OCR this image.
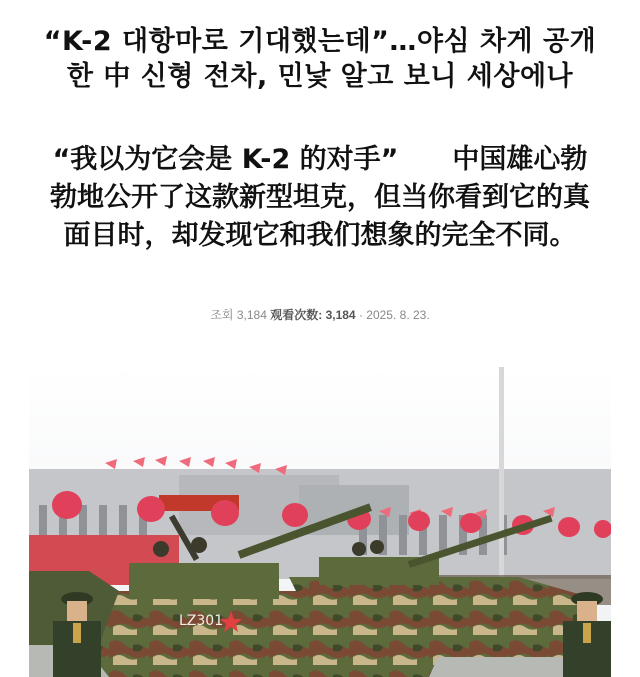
“K-2 대항마로 기대했는데”…야심 차게 공개한 中 신형 전차, 민낯 알고 보니 세상에나
“我以为它会是 K-2 的对手”　　中国雄心勃勃地公开了这款新型坦克，但当你看到它的真面目时，却发现它和我们想象的完全不同。
조회 3,184 观看次数: 3,184 · 2025. 8. 23.
LZ301
